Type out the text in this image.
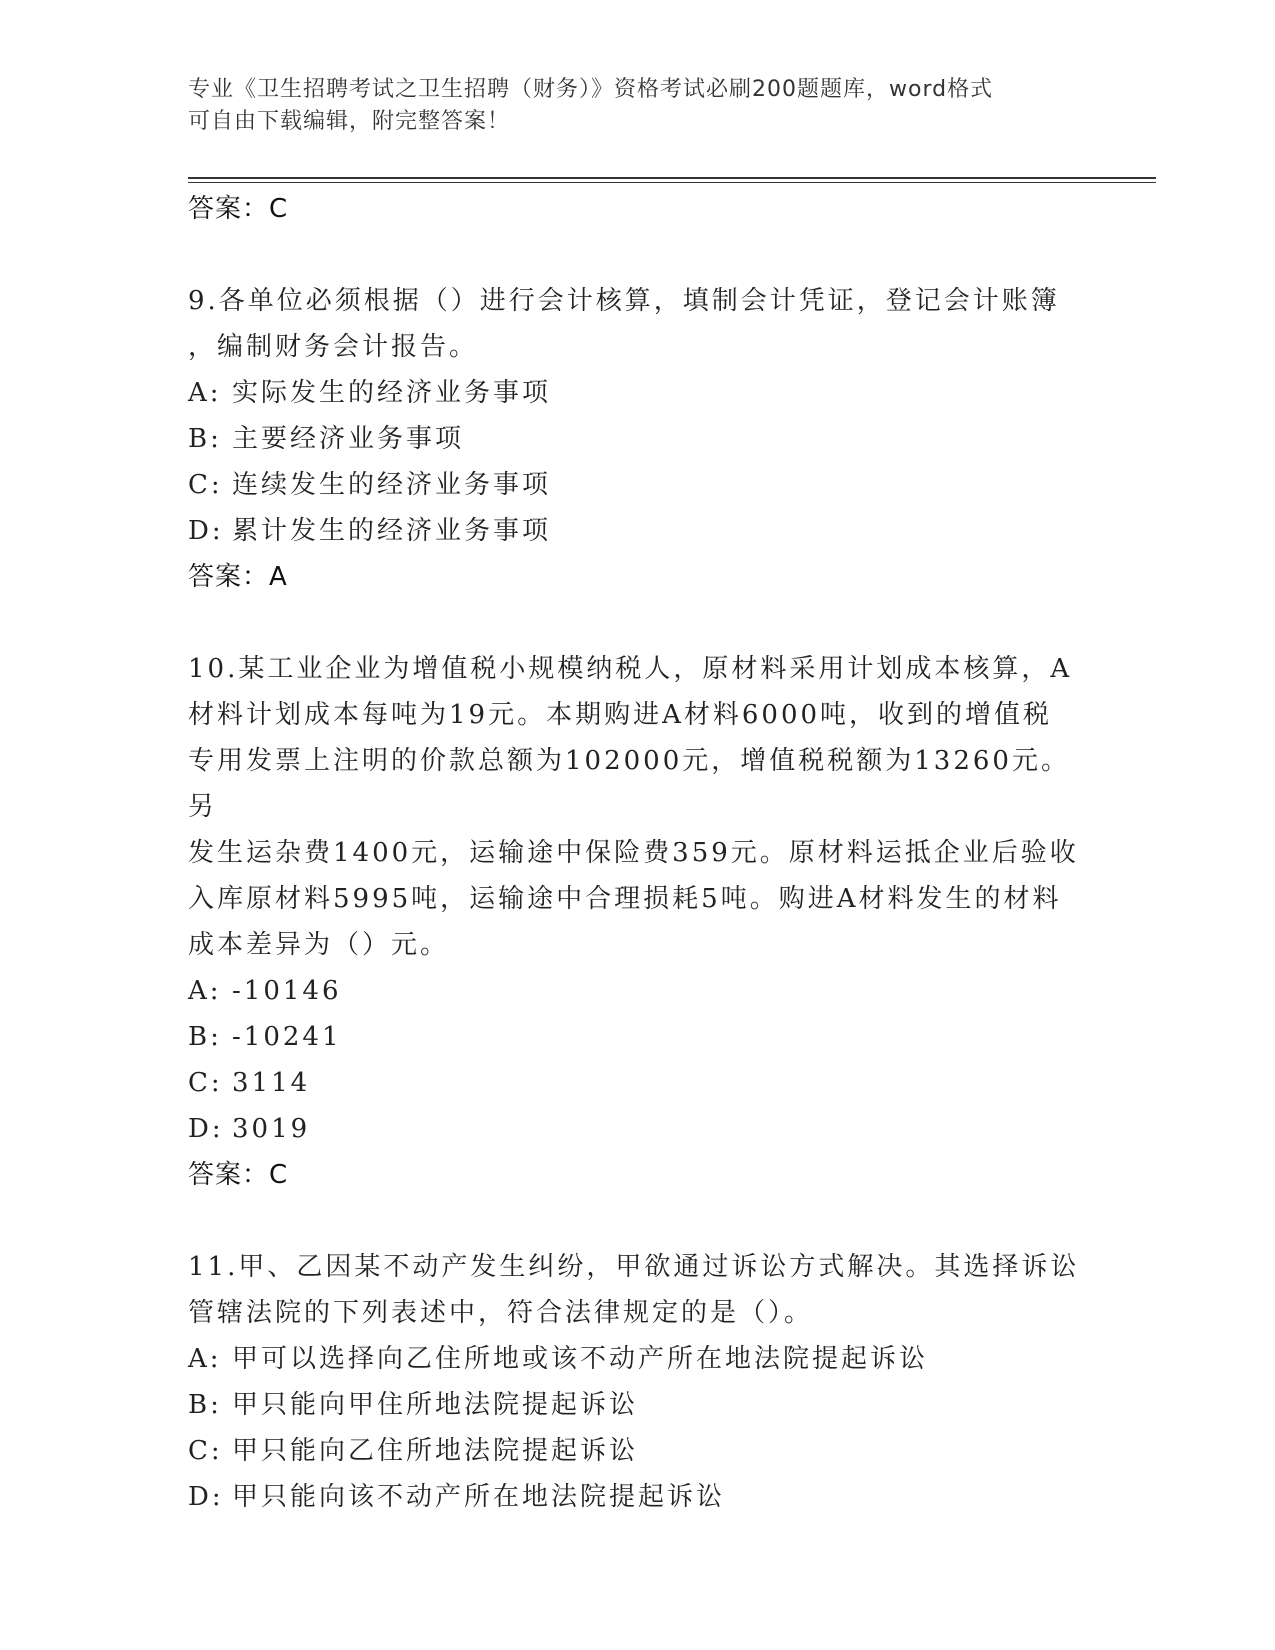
专业《卫生招聘考试之卫生招聘（财务）》资格考试必刷200题题库，word格式
可自由下载编辑，附完整答案！
答案：C
9.各单位必须根据（）进行会计核算，填制会计凭证，登记会计账簿
，编制财务会计报告。
A: 实际发生的经济业务事项
B: 主要经济业务事项
C: 连续发生的经济业务事项
D: 累计发生的经济业务事项
答案：A
10.某工业企业为增值税小规模纳税人，原材料采用计划成本核算，A
材料计划成本每吨为19元。本期购进A材料6000吨，收到的增值税
专用发票上注明的价款总额为102000元，增值税税额为13260元。另
发生运杂费1400元，运输途中保险费359元。原材料运抵企业后验收
入库原材料5995吨，运输途中合理损耗5吨。购进A材料发生的材料
成本差异为（）元。
A: -10146
B: -10241
C: 3114
D: 3019
答案：C
11.甲、乙因某不动产发生纠纷，甲欲通过诉讼方式解决。其选择诉讼
管辖法院的下列表述中，符合法律规定的是（）。
A: 甲可以选择向乙住所地或该不动产所在地法院提起诉讼
B: 甲只能向甲住所地法院提起诉讼
C: 甲只能向乙住所地法院提起诉讼
D: 甲只能向该不动产所在地法院提起诉讼
